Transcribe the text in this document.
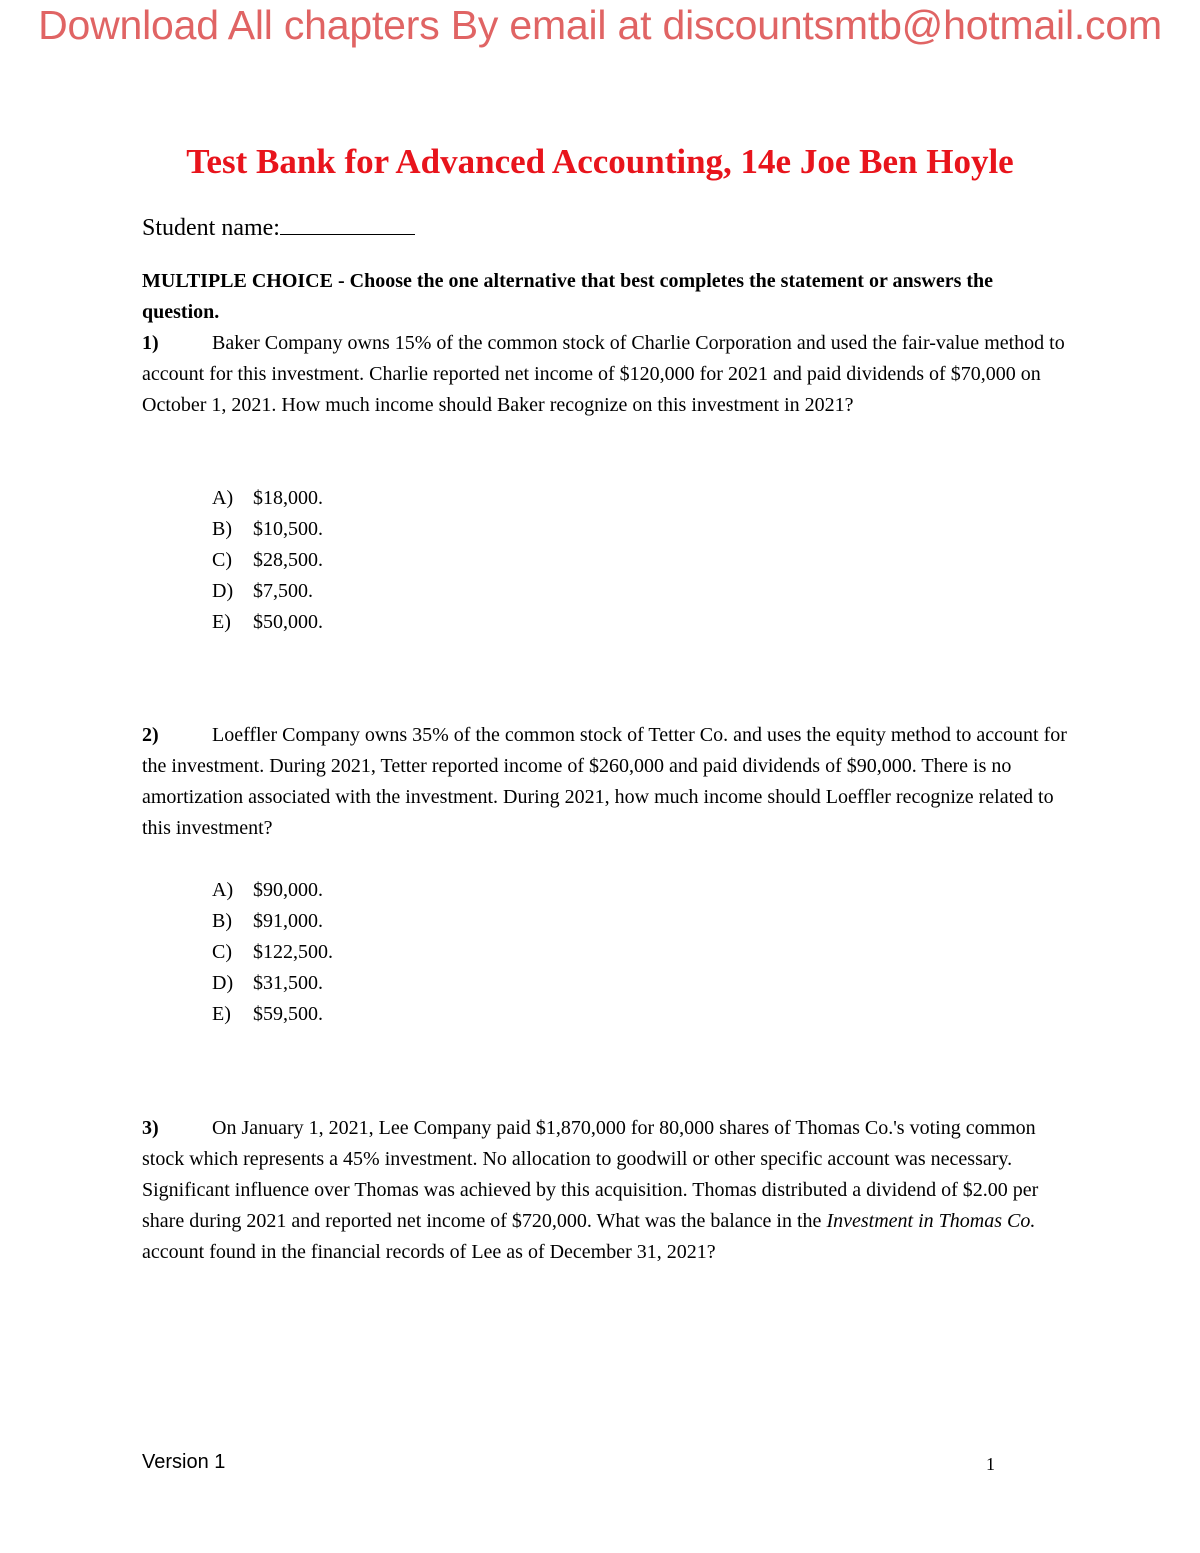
Download All chapters By email at discountsmtb@hotmail.com
Test Bank for Advanced Accounting, 14e Joe Ben Hoyle
Student name:
MULTIPLE CHOICE - Choose the one alternative that best completes the statement or answers the question.
1)	Baker Company owns 15% of the common stock of Charlie Corporation and used the fair-value method to account for this investment. Charlie reported net income of $120,000 for 2021 and paid dividends of $70,000 on October 1, 2021. How much income should Baker recognize on this investment in 2021?
A) $18,000.
B) $10,500.
C) $28,500.
D) $7,500.
E) $50,000.
2)	Loeffler Company owns 35% of the common stock of Tetter Co. and uses the equity method to account for the investment. During 2021, Tetter reported income of $260,000 and paid dividends of $90,000. There is no amortization associated with the investment. During 2021, how much income should Loeffler recognize related to this investment?
A) $90,000.
B) $91,000.
C) $122,500.
D) $31,500.
E) $59,500.
3)	On January 1, 2021, Lee Company paid $1,870,000 for 80,000 shares of Thomas Co.'s voting common stock which represents a 45% investment. No allocation to goodwill or other specific account was necessary. Significant influence over Thomas was achieved by this acquisition. Thomas distributed a dividend of $2.00 per share during 2021 and reported net income of $720,000. What was the balance in the Investment in Thomas Co. account found in the financial records of Lee as of December 31, 2021?
Version 1	1
